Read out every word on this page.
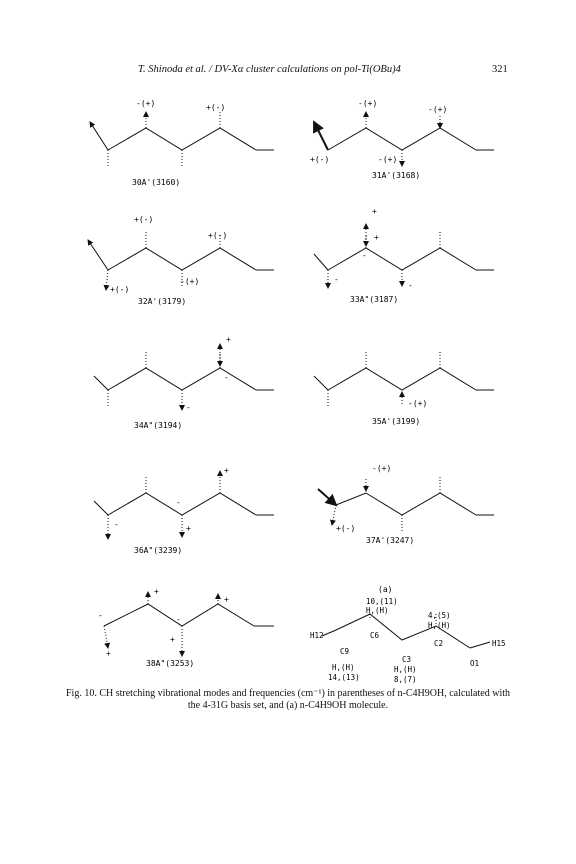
T. Shinoda et al. / DV-Xα cluster calculations on pol-Ti(OBu)4	321
-(+)	+(-)
30A'(3160)
-(+)
-(+)
+(-)	-(+)
31A'(3168)
+(-)
+(-)
+(-)
-(+)
32A'(3179)
+
+
-
-
-
33A"(3187)
+
-
-
34A"(3194)
-(+)
35A'(3199)
+
-
-	+
36A"(3239)
-(+)
+(-)
37A'(3247)
+
+
-	-
+
+
38A"(3253)
(a)
10,(11)
H,(H)
4,(5)
H,(H)
H12	C6
C2
C9
C3	O1
H15
H,(H)
14,(13)
H,(H)
8,(7)
Fig. 10. CH stretching vibrational modes and frequencies (cm⁻¹) in parentheses of n-C4H9OH, calculated with the 4-31G basis set, and (a) n-C4H9OH molecule.
